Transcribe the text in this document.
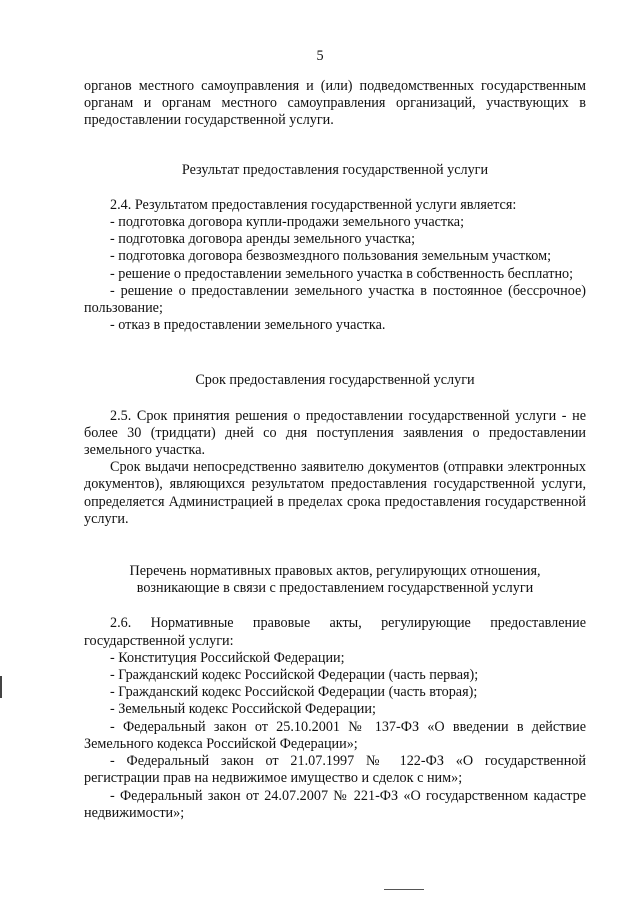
5

органов местного самоуправления и (или) подведомственных государственным органам и органам местного самоуправления организаций, участвующих в предоставлении государственной услуги.

Результат предоставления государственной услуги

2.4. Результатом предоставления государственной услуги является:

- подготовка договора купли-продажи земельного участка;
- подготовка договора аренды земельного участка;
- подготовка договора безвозмездного пользования земельным участком;
- решение о предоставлении земельного участка в собственность бесплатно;
- решение о предоставлении земельного участка в постоянное (бессрочное) пользование;
- отказ в предоставлении земельного участка.
Срок предоставления государственной услуги

2.5. Срок принятия решения о предоставлении государственной услуги - не более 30 (тридцати) дней со дня поступления заявления о предоставлении земельного участка.

Срок выдачи непосредственно заявителю документов (отправки электронных документов), являющихся результатом предоставления государственной услуги, определяется Администрацией в пределах срока предоставления государственной услуги.

Перечень нормативных правовых актов, регулирующих отношения,
возникающие в связи с предоставлением государственной услуги

2.6. Нормативные правовые акты, регулирующие предоставление государственной услуги:

- Конституция Российской Федерации;
- Гражданский кодекс Российской Федерации (часть первая);
- Гражданский кодекс Российской Федерации (часть вторая);
- Земельный кодекс Российской Федерации;
- Федеральный закон от 25.10.2001 № 137-ФЗ «О введении в действие Земельного кодекса Российской Федерации»;
- Федеральный закон от 21.07.1997 № 122-ФЗ «О государственной регистрации прав на недвижимое имущество и сделок с ним»;
- Федеральный закон от 24.07.2007 № 221-ФЗ «О государственном кадастре недвижимости»;
